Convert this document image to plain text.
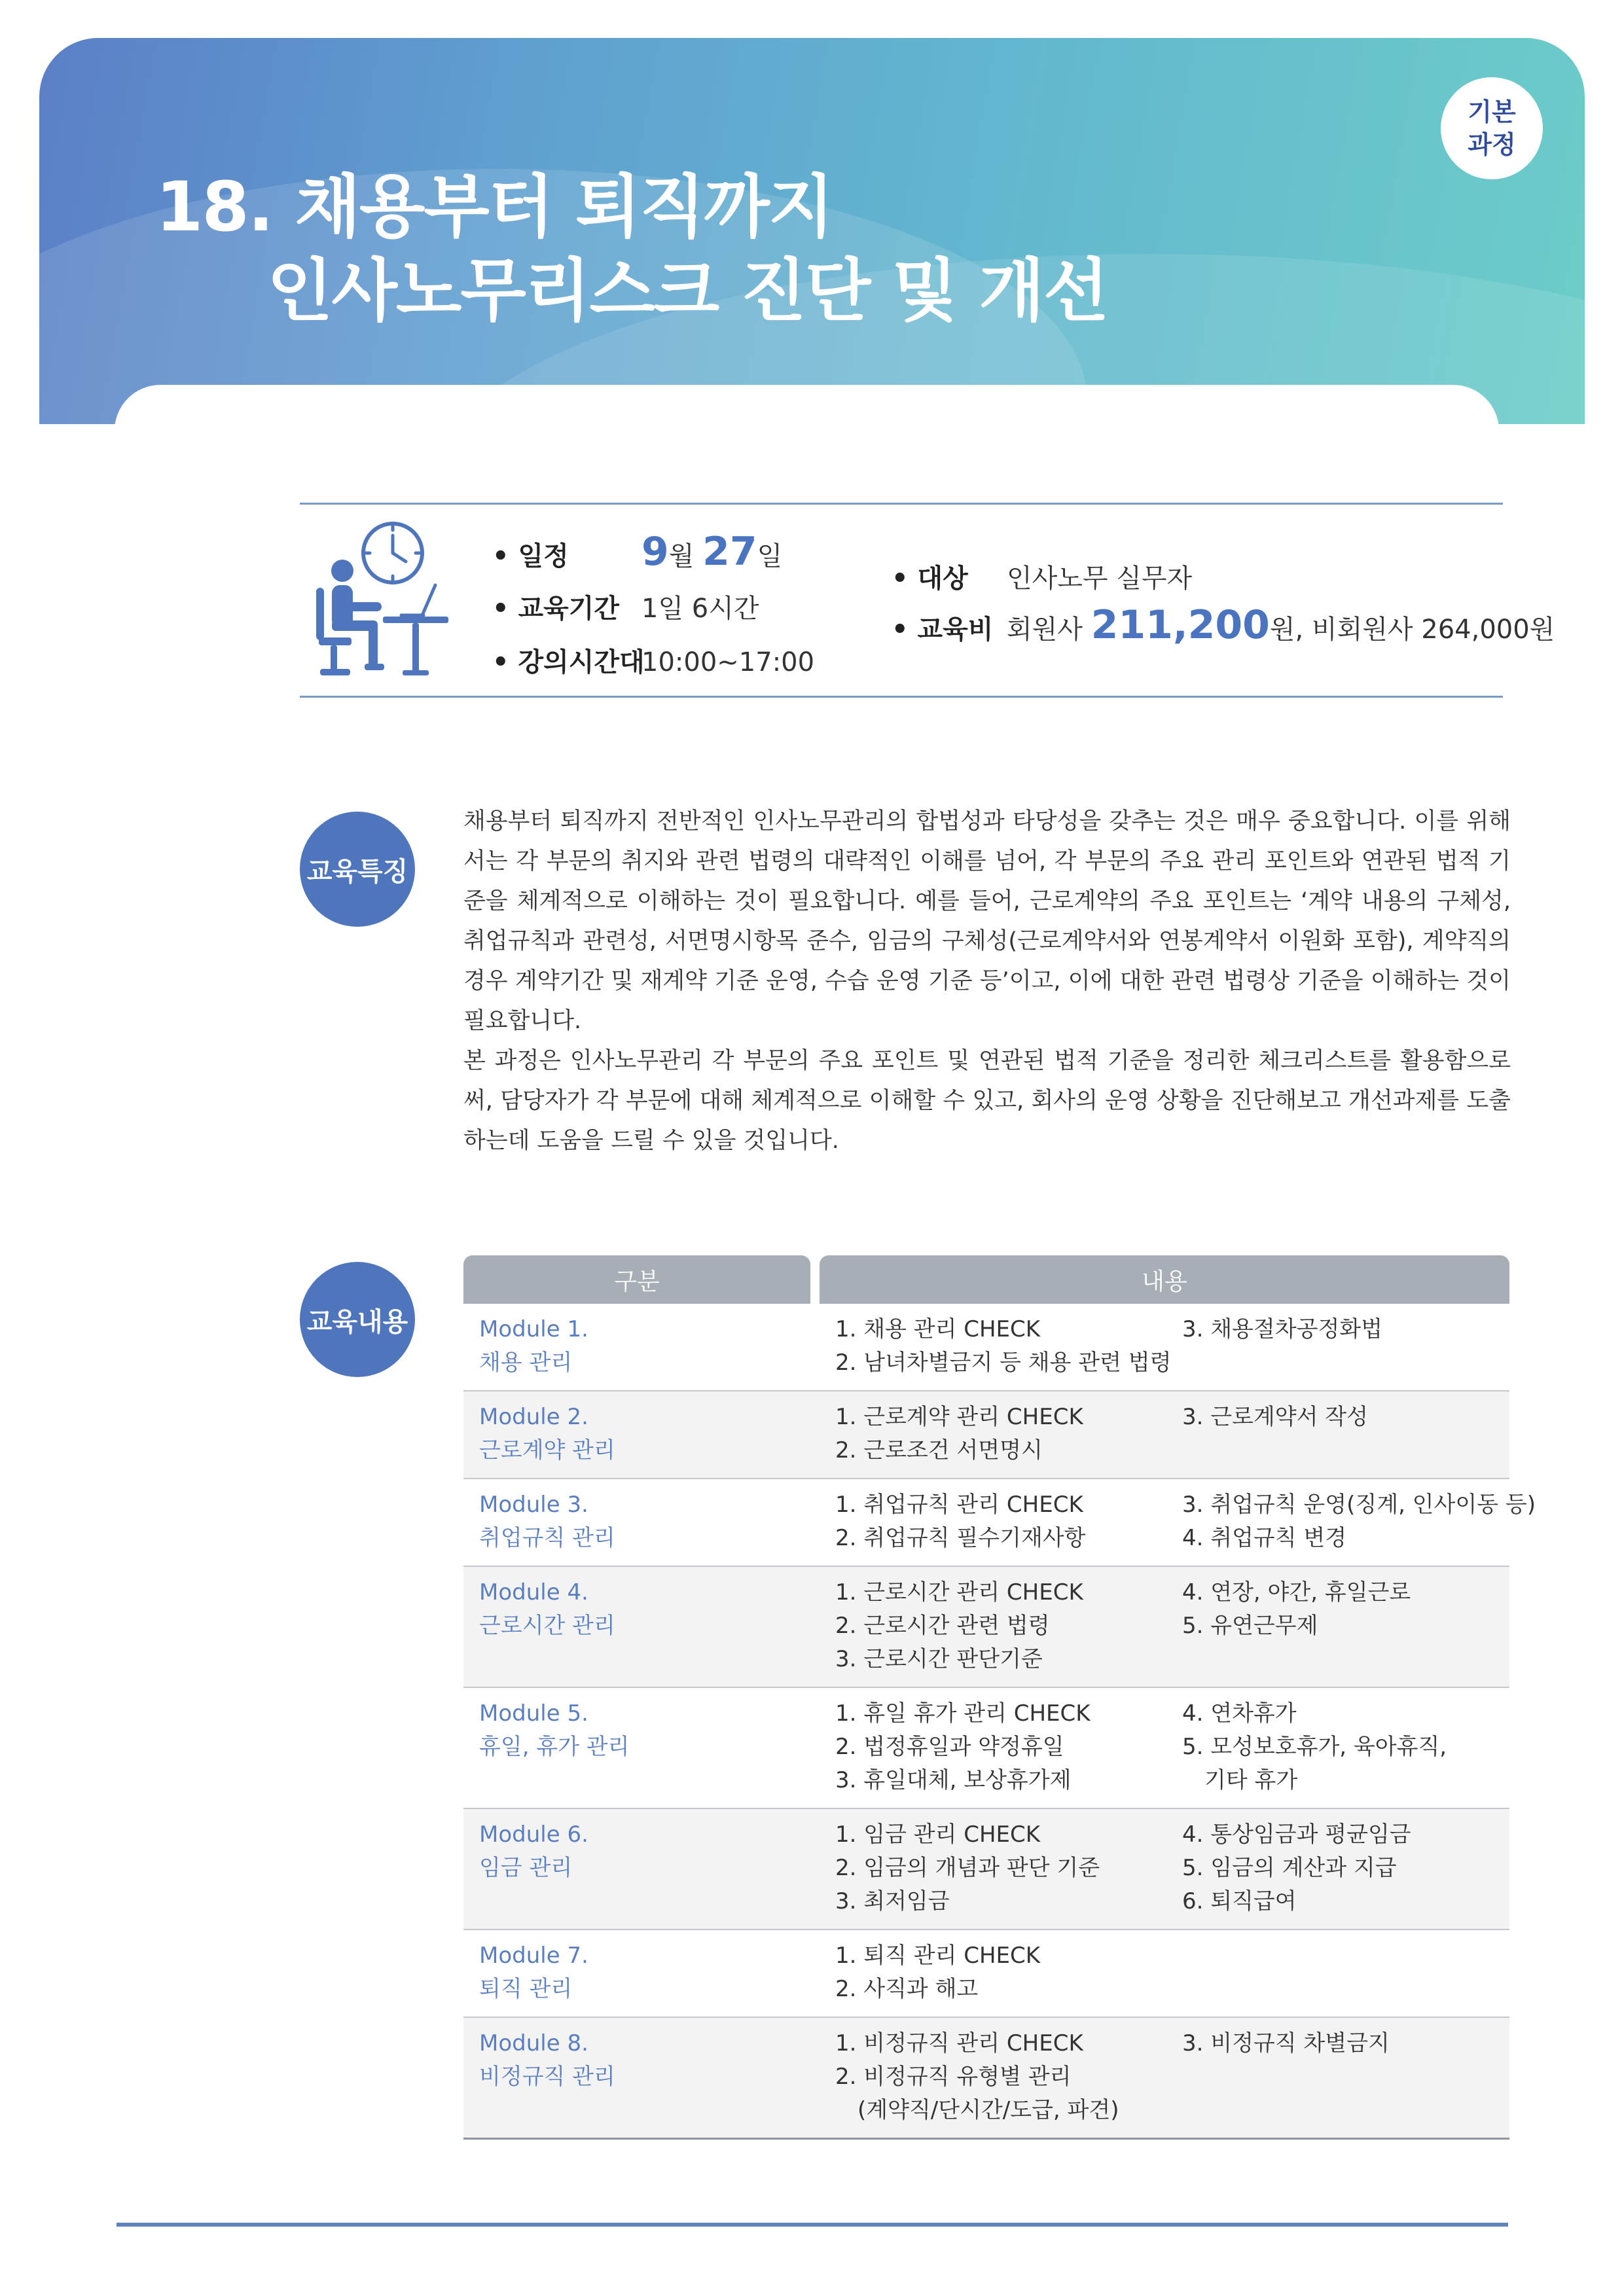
18. 채용부터 퇴직까지
인사노무리스크 진단 및 개선
기본
과정
• 일정 9월 27일
• 교육기간 1일 6시간
• 강의시간대10:00~17:00
• 대상 인사노무 실무자
• 교육비 회원사 211,200원, 비회원사 264,000원
교육특징

채용부터 퇴직까지 전반적인 인사노무관리의 합법성과 타당성을 갖추는 것은 매우 중요합니다. 이를 위해서는 각 부문의 취지와 관련 법령의 대략적인 이해를 넘어, 각 부문의 주요 관리 포인트와 연관된 법적 기준을 체계적으로 이해하는 것이 필요합니다. 예를 들어, 근로계약의 주요 포인트는 ‘계약 내용의 구체성, 취업규칙과 관련성, 서면명시항목 준수, 임금의 구체성(근로계약서와 연봉계약서 이원화 포함), 계약직의 경우 계약기간 및 재계약 기준 운영, 수습 운영 기준 등’이고, 이에 대한 관련 법령상 기준을 이해하는 것이 필요합니다.

본 과정은 인사노무관리 각 부문의 주요 포인트 및 연관된 법적 기준을 정리한 체크리스트를 활용함으로써, 담당자가 각 부문에 대해 체계적으로 이해할 수 있고, 회사의 운영 상황을 진단해보고 개선과제를 도출하는데 도움을 드릴 수 있을 것입니다.

교육내용
구분	내용
Module 1.
채용 관리
1. 채용 관리 CHECK
2. 남녀차별금지 등 채용 관련 법령
3. 채용절차공정화법
Module 2.
근로계약 관리
1. 근로계약 관리 CHECK
2. 근로조건 서면명시
3. 근로계약서 작성
Module 3.
취업규칙 관리
1. 취업규칙 관리 CHECK
2. 취업규칙 필수기재사항
3. 취업규칙 운영(징계, 인사이동 등)
4. 취업규칙 변경
Module 4.
근로시간 관리
1. 근로시간 관리 CHECK
2. 근로시간 관련 법령
3. 근로시간 판단기준
4. 연장, 야간, 휴일근로
5. 유연근무제
Module 5.
휴일, 휴가 관리
1. 휴일 휴가 관리 CHECK
2. 법정휴일과 약정휴일
3. 휴일대체, 보상휴가제
4. 연차휴가
5. 모성보호휴가, 육아휴직,
기타 휴가
Module 6.
임금 관리
1. 임금 관리 CHECK
2. 임금의 개념과 판단 기준
3. 최저임금
4. 통상임금과 평균임금
5. 임금의 계산과 지급
6. 퇴직급여
Module 7.
퇴직 관리
1. 퇴직 관리 CHECK
2. 사직과 해고
Module 8.
비정규직 관리
1. 비정규직 관리 CHECK
2. 비정규직 유형별 관리
(계약직/단시간/도급, 파견)
3. 비정규직 차별금지
